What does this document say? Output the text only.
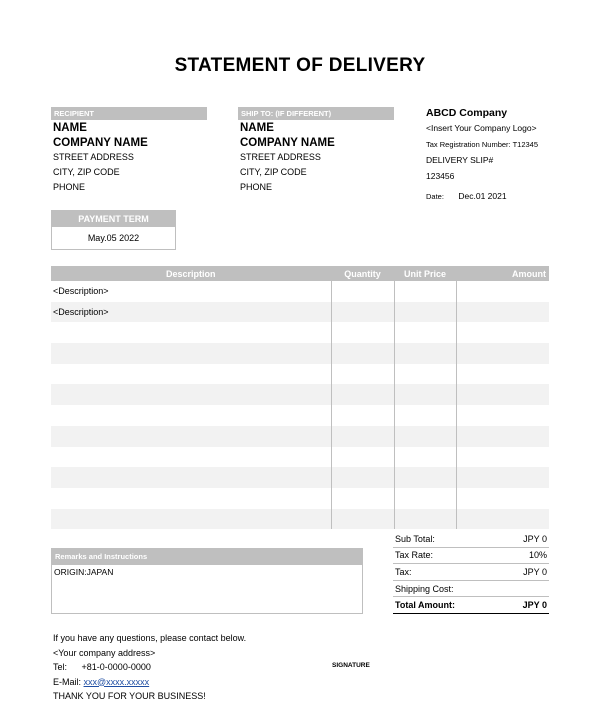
STATEMENT OF DELIVERY
RECIPIENT
NAME
COMPANY NAME
STREET ADDRESS
CITY, ZIP CODE
PHONE
SHIP TO: (IF DIFFERENT)
NAME
COMPANY NAME
STREET ADDRESS
CITY, ZIP CODE
PHONE
ABCD Company
<Insert Your Company Logo>
Tax Registration Number: T12345
DELIVERY SLIP#
123456
Date: Dec.01 2021
PAYMENT TERM
May.05 2022
Description	Quantity	Unit Price	Amount
<Description>			
<Description>			

Remarks and Instructions
ORIGIN:JAPAN
Sub Total:	JPY 0
Tax Rate:	10%
Tax:	JPY 0
Shipping Cost:
Total Amount:	JPY 0
If you have any questions, please contact below.
<Your company address>
Tel: +81-0-0000-0000
E-Mail: xxx@xxxx.xxxxx
THANK YOU FOR YOUR BUSINESS!
SIGNATURE
